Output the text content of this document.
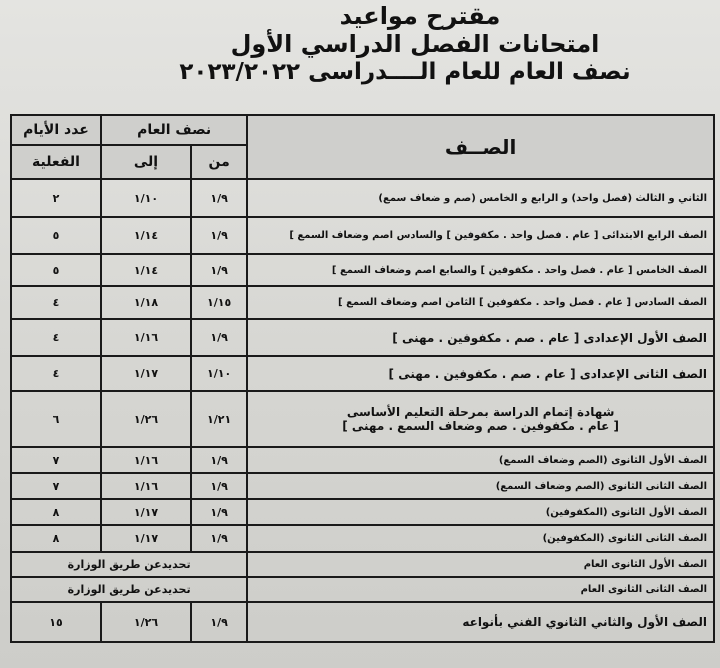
مقترح مواعيد
امتحانات الفصل الدراسي الأول
نصف العام للعام الــــدراسى ٢٠٢٣/٢٠٢٢
الصــف	نصف العام		عدد الأيام
	من	إلى	الفعلية
الثاني و الثالث (فصل واحد) و الرابع و الخامس (صم و ضعاف سمع)	١/٩	١/١٠	٢
الصف الرابع الابتدائى [ عام . فصل واحد . مكفوفين ] والسادس اصم وضعاف السمع ]	١/٩	١/١٤	٥
الصف الخامس [ عام . فصل واحد . مكفوفين ] والسابع اصم وضعاف السمع ]	١/٩	١/١٤	٥
الصف السادس [ عام . فصل واحد . مكفوفين ] الثامن اصم وضعاف السمع ]	١/١٥	١/١٨	٤
الصف الأول الإعدادى [ عام . صم . مكفوفين . مهنى ]	١/٩	١/١٦	٤
الصف الثانى الإعدادى [ عام . صم . مكفوفين . مهنى ]	١/١٠	١/١٧	٤

شهادة إتمام الدراسة بمرحلة التعليم الأساسى
[ عام . مكفوفين . صم وضعاف السمع . مهنى ]	١/٢١	١/٢٦	٦
الصف الأول الثانوى (الصم وضعاف السمع)	١/٩	١/١٦	٧
الصف الثانى الثانوى (الصم وضعاف السمع)	١/٩	١/١٦	٧
الصف الأول الثانوى (المكفوفين)	١/٩	١/١٧	٨
الصف الثانى الثانوى (المكفوفين)	١/٩	١/١٧	٨
الصف الأول الثانوى العام	تحديدعن طريق الوزارة		
الصف الثانى الثانوى العام	تحديدعن طريق الوزارة		
الصف الأول والثاني الثانوي الفني بأنواعه	١/٩	١/٢٦	١٥
